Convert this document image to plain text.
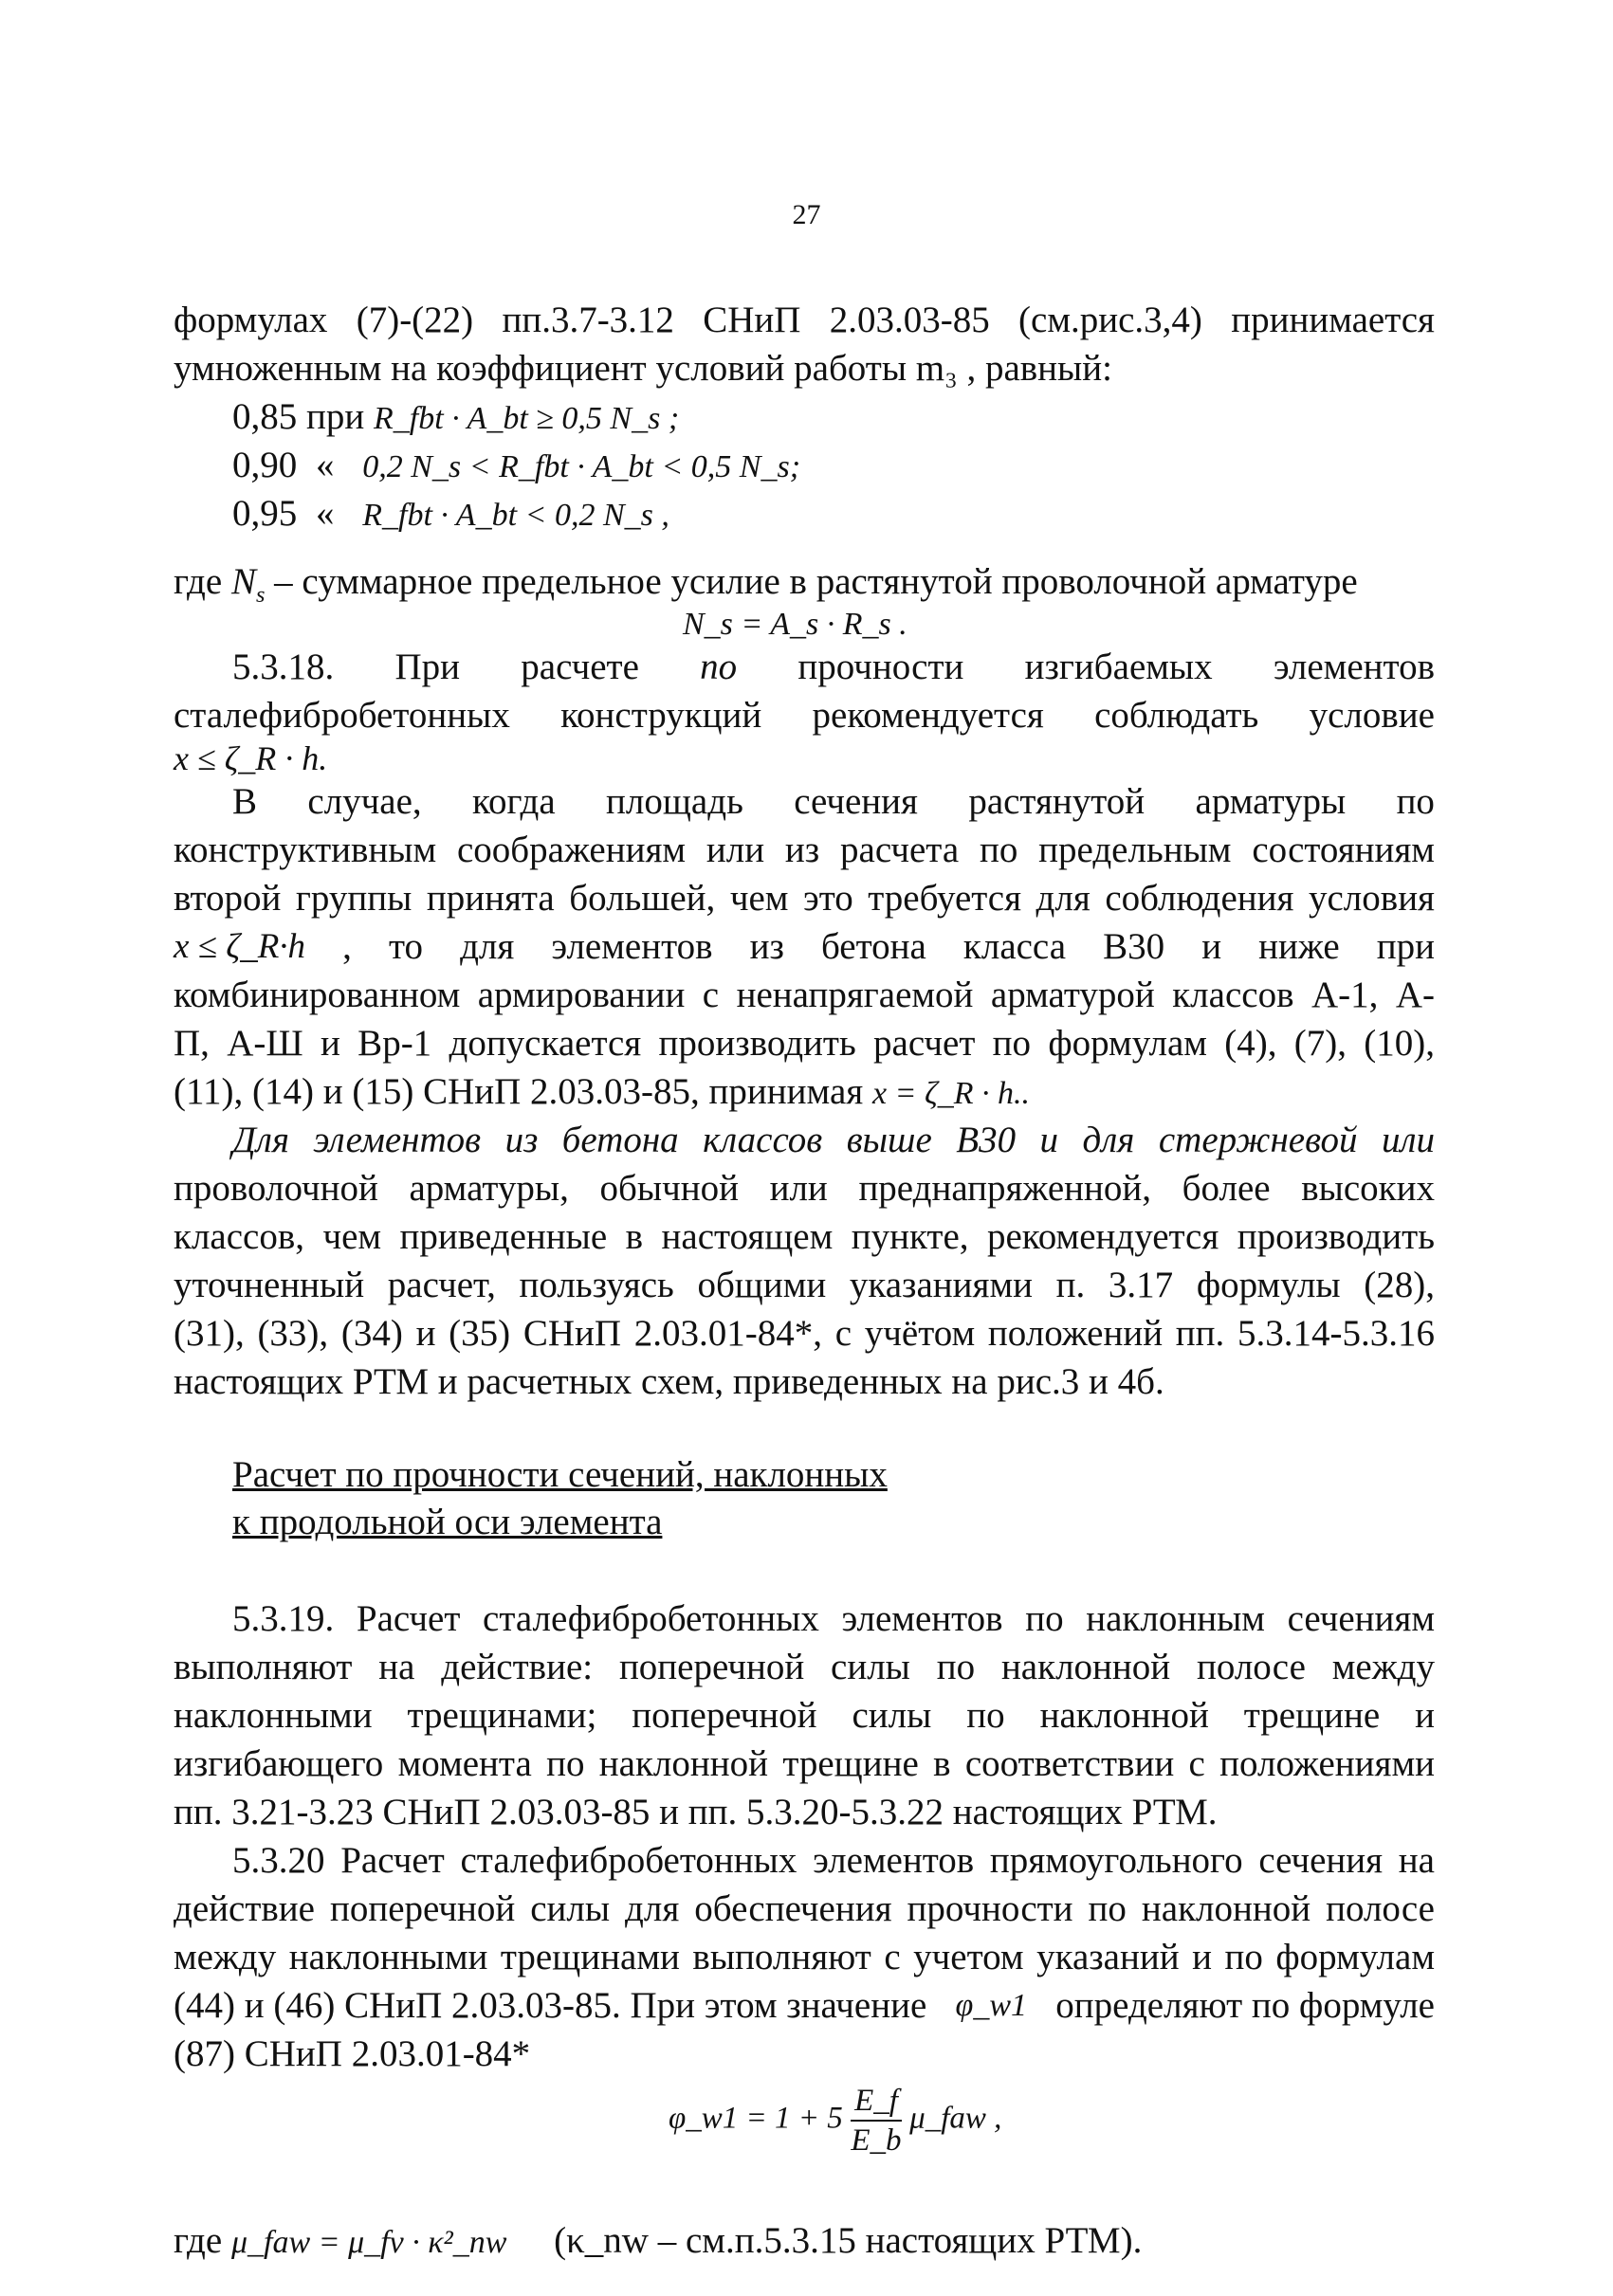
27
формулах (7)-(22) пп.3.7-3.12 СНиП 2.03.03-85 (см.рис.3,4) принимается
умноженным на коэффициент условий работы m₃ , равный:
0,85 при R_fbt · A_bt ≥ 0,5 N_s ;
0,90 « 0,2 N_s < R_fbt · A_bt < 0,5 N_s;
0,95 « R_fbt · A_bt < 0,2 N_s ,
где $N_s$ – суммарное предельное усилие в растянутой проволочной арматуре
N_s = A_s · R_s .
5.3.18. При расчете по прочности изгибаемых элементов
сталефибробетонных конструкций рекомендуется соблюдать условие
x ≤ ζ_R · h.
В случае, когда площадь сечения растянутой арматуры по
конструктивным соображениям или из расчета по предельным состояниям
второй группы принята большей, чем это требуется для соблюдения условия
x ≤ ζ_R·h , то для элементов из бетона класса В30 и ниже при
комбинированном армировании с ненапрягаемой арматурой классов А-1, А-
П, А-Ш и Вр-1 допускается производить расчет по формулам (4), (7), (10),
(11), (14) и (15) СНиП 2.03.03-85, принимая x = ζ_R · h..
Для элементов из бетона классов выше В30 и для стержневой или
проволочной арматуры, обычной или преднапряженной, более высоких
классов, чем приведенные в настоящем пункте, рекомендуется производить
уточненный расчет, пользуясь общими указаниями п. 3.17 формулы (28),
(31), (33), (34) и (35) СНиП 2.03.01-84*, с учётом положений пп. 5.3.14-5.3.16
настоящих РТМ и расчетных схем, приведенных на рис.3 и 4б.
Расчет по прочности сечений, наклонных
к продольной оси элемента
5.3.19. Расчет сталефибробетонных элементов по наклонным сечениям
выполняют на действие: поперечной силы по наклонной полосе между
наклонными трещинами; поперечной силы по наклонной трещине и
изгибающего момента по наклонной трещине в соответствии с положениями
пп. 3.21-3.23 СНиП 2.03.03-85 и пп. 5.3.20-5.3.22 настоящих РТМ.
5.3.20 Расчет сталефибробетонных элементов прямоугольного сечения на
действие поперечной силы для обеспечения прочности по наклонной полосе
между наклонными трещинами выполняют с учетом указаний и по формулам
(44) и (46) СНиП 2.03.03-85. При этом значение φ_w1 определяют по формуле
(87) СНиП 2.03.01-84*
φ_w1 = $1 + 5 \frac{E\_f}{E\_b}$ μ_faw ,
где μ_faw = μ_fv · κ²_nw (κ_nw – см.п.5.3.15 настоящих РТМ).
